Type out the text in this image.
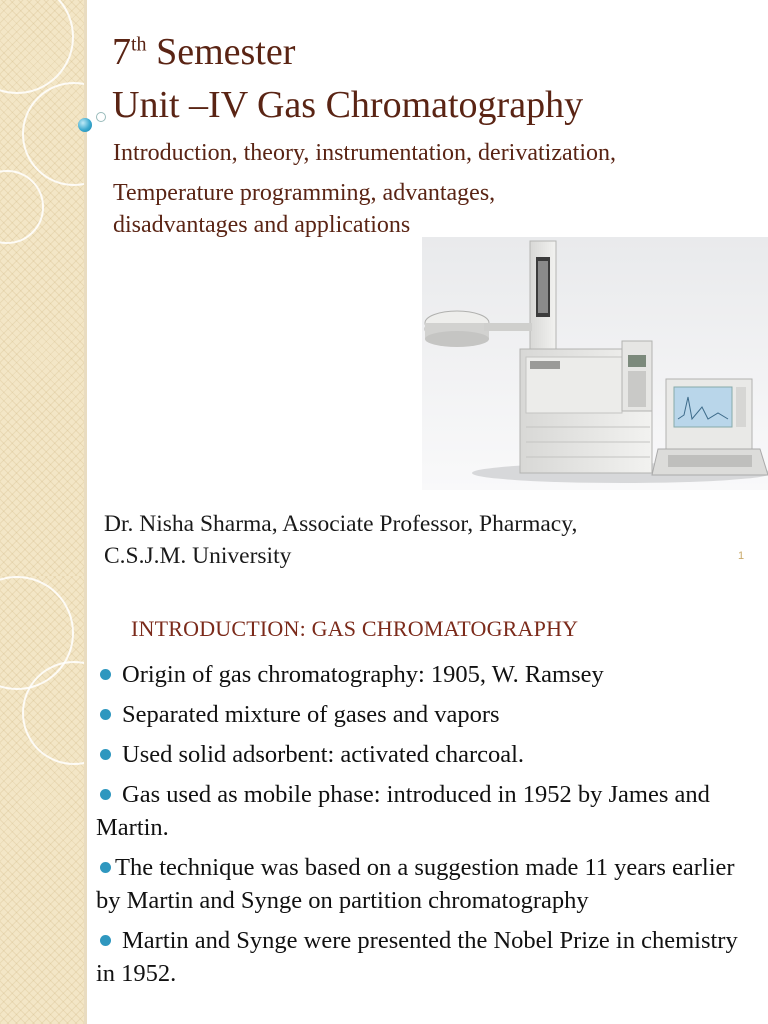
7th Semester
Unit –IV Gas Chromatography
Introduction, theory, instrumentation, derivatization,
Temperature programming, advantages,
disadvantages and applications
Dr. Nisha Sharma, Associate Professor, Pharmacy,
C.S.J.M. University	1
INTRODUCTION: GAS CHROMATOGRAPHY
Origin of gas chromatography: 1905, W. Ramsey
Separated mixture of gases and vapors
Used solid adsorbent: activated charcoal.
Gas used as mobile phase: introduced in 1952 by James and Martin.
The technique was based on a suggestion made 11 years earlier by Martin and Synge on partition chromatography
Martin and Synge were presented the Nobel Prize in chemistry in 1952.
